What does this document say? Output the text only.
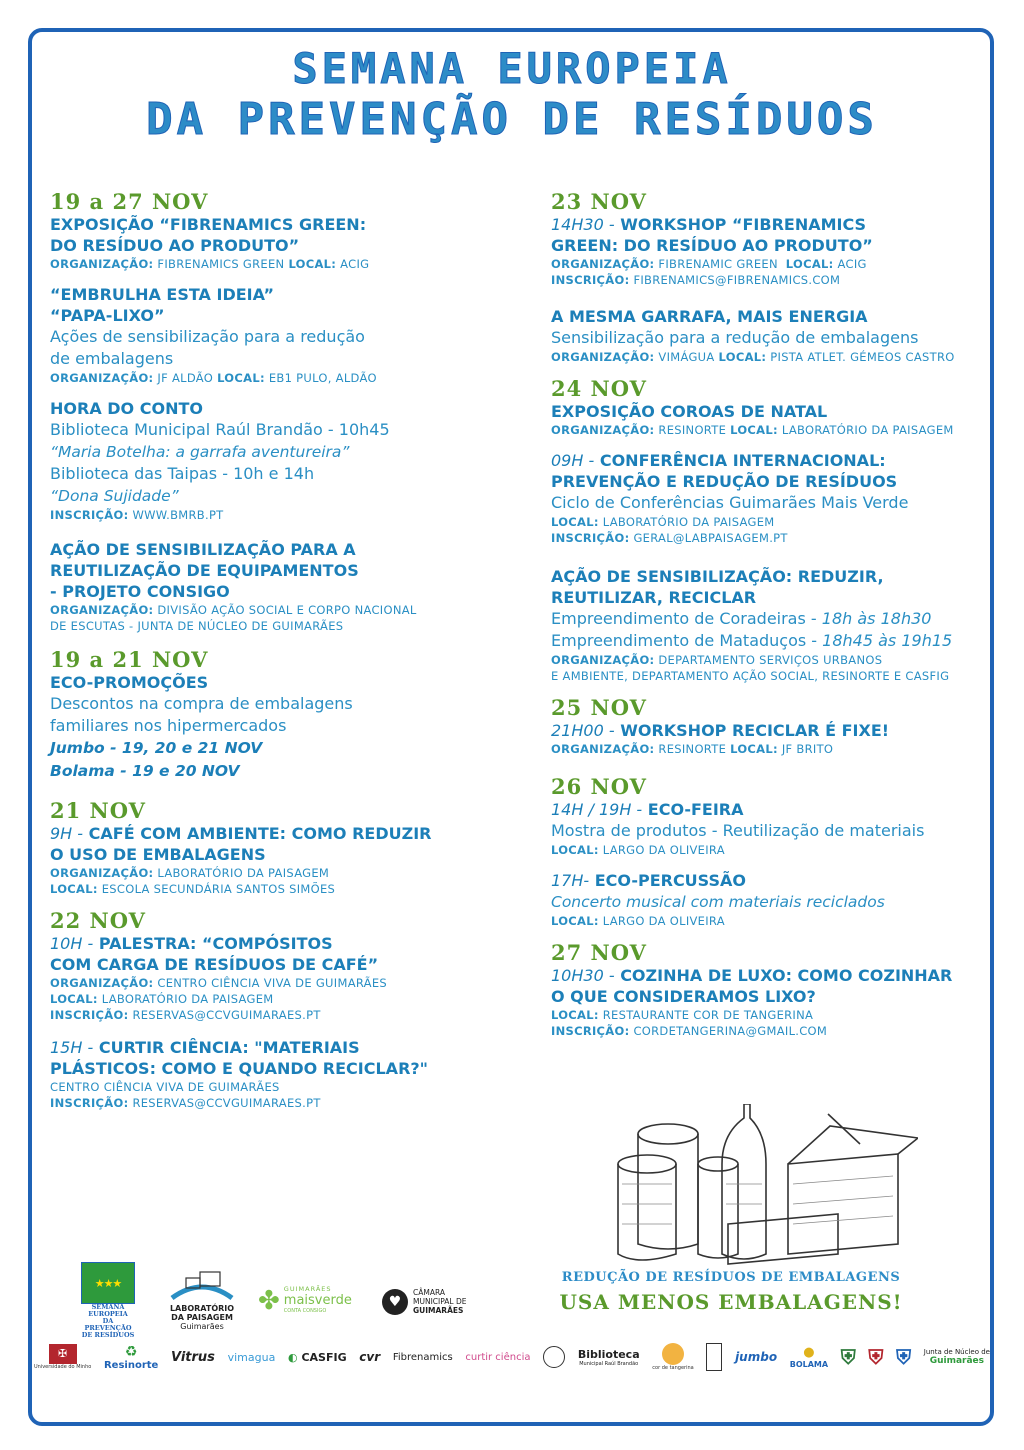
SEMANA EUROPEIA
DA PREVENÇÃO DE RESÍDUOS

19 a 27 NOV

EXPOSIÇÃO “FIBRENAMICS GREEN:

DO RESÍDUO AO PRODUTO”

ORGANIZAÇÃO: FIBRENAMICS GREEN LOCAL: ACIG

“EMBRULHA ESTA IDEIA”

“PAPA-LIXO”

Ações de sensibilização para a redução

de embalagens

ORGANIZAÇÃO: JF ALDÃO LOCAL: EB1 PULO, ALDÃO

HORA DO CONTO

Biblioteca Municipal Raúl Brandão - 10h45

“Maria Botelha: a garrafa aventureira”

Biblioteca das Taipas - 10h e 14h

“Dona Sujidade”

INSCRIÇÃO: WWW.BMRB.PT

AÇÃO DE SENSIBILIZAÇÃO PARA A

REUTILIZAÇÃO DE EQUIPAMENTOS

- PROJETO CONSIGO

ORGANIZAÇÃO: DIVISÃO AÇÃO SOCIAL E CORPO NACIONAL

DE ESCUTAS - JUNTA DE NÚCLEO DE GUIMARÃES

19 a 21 NOV

ECO-PROMOÇÕES

Descontos na compra de embalagens

familiares nos hipermercados

Jumbo - 19, 20 e 21 NOV

Bolama - 19 e 20 NOV

21 NOV

9H - CAFÉ COM AMBIENTE: COMO REDUZIR

O USO DE EMBALAGENS

ORGANIZAÇÃO: LABORATÓRIO DA PAISAGEM

LOCAL: ESCOLA SECUNDÁRIA SANTOS SIMÕES

22 NOV

10H - PALESTRA: “COMPÓSITOS

COM CARGA DE RESÍDUOS DE CAFÉ”

ORGANIZAÇÃO: CENTRO CIÊNCIA VIVA DE GUIMARÃES

LOCAL: LABORATÓRIO DA PAISAGEM

INSCRIÇÃO: RESERVAS@CCVGUIMARAES.PT

15H - CURTIR CIÊNCIA: "MATERIAIS

PLÁSTICOS: COMO E QUANDO RECICLAR?"

CENTRO CIÊNCIA VIVA DE GUIMARÃES

INSCRIÇÃO: RESERVAS@CCVGUIMARAES.PT

23 NOV

14H30 - WORKSHOP “FIBRENAMICS

GREEN: DO RESÍDUO AO PRODUTO”

ORGANIZAÇÃO: FIBRENAMIC GREEN LOCAL: ACIG

INSCRIÇÃO: FIBRENAMICS@FIBRENAMICS.COM

A MESMA GARRAFA, MAIS ENERGIA

Sensibilização para a redução de embalagens

ORGANIZAÇÃO: VIMÁGUA LOCAL: PISTA ATLET. GÉMEOS CASTRO

24 NOV

EXPOSIÇÃO COROAS DE NATAL

ORGANIZAÇÃO: RESINORTE LOCAL: LABORATÓRIO DA PAISAGEM

09H - CONFERÊNCIA INTERNACIONAL:

PREVENÇÃO E REDUÇÃO DE RESÍDUOS

Ciclo de Conferências Guimarães Mais Verde

LOCAL: LABORATÓRIO DA PAISAGEM

INSCRIÇÃO: GERAL@LABPAISAGEM.PT

AÇÃO DE SENSIBILIZAÇÃO: REDUZIR,

REUTILIZAR, RECICLAR

Empreendimento de Coradeiras - 18h às 18h30

Empreendimento de Mataduços - 18h45 às 19h15

ORGANIZAÇÃO: DEPARTAMENTO SERVIÇOS URBANOS

E AMBIENTE, DEPARTAMENTO AÇÃO SOCIAL, RESINORTE E CASFIG

25 NOV

21H00 - WORKSHOP RECICLAR É FIXE!

ORGANIZAÇÃO: RESINORTE LOCAL: JF BRITO

26 NOV

14H / 19H - ECO-FEIRA

Mostra de produtos - Reutilização de materiais

LOCAL: LARGO DA OLIVEIRA

17H- ECO-PERCUSSÃO

Concerto musical com materiais reciclados

LOCAL: LARGO DA OLIVEIRA

27 NOV

10H30 - COZINHA DE LUXO: COMO COZINHAR

O QUE CONSIDERAMOS LIXO?

LOCAL: RESTAURANTE COR DE TANGERINA

INSCRIÇÃO: CORDETANGERINA@GMAIL.COM

REDUÇÃO DE RESÍDUOS DE EMBALAGENS
USA MENOS EMBALAGENS!
★★★
SEMANA EUROPEIA
DA PREVENÇÃO
DE RESÍDUOS
LABORATÓRIO
DA PAISAGEM
Guimarães
✤ GUIMARÃES
maisverde
CONTA CONSIGO
♥
CÂMARA
MUNICIPAL DE
GUIMARÃES
✠
Universidade do Minho
♻
Resinorte
Vitrus vimagua ◐ CASFIG cvr Fibrenamics curtir ciência	Biblioteca
Municipal Raúl Brandão
cor de tangerina
jumbo	●
BOLAMA ⛨ ⛨ ⛨ Junta de Núcleo de
Guimarães
